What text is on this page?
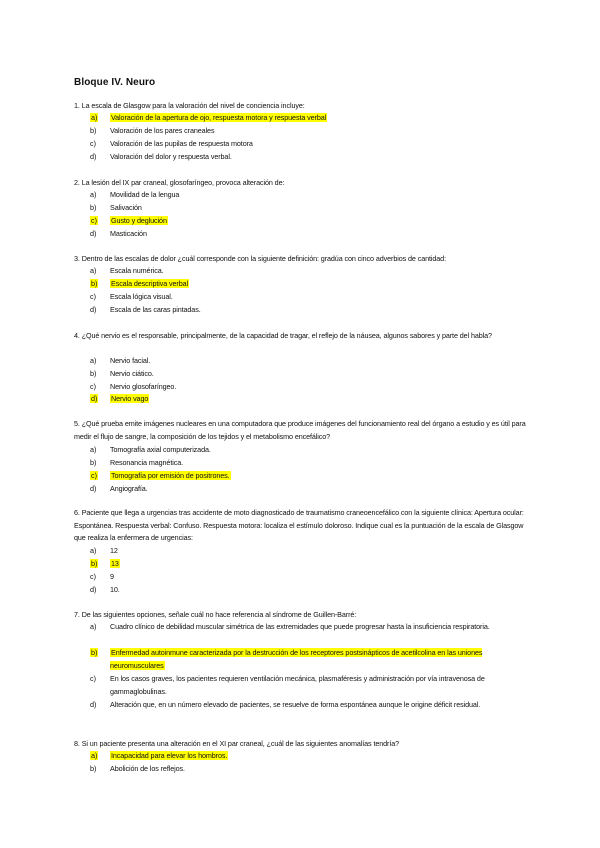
Bloque IV. Neuro
1. La escala de Glasgow para la valoración del nivel de conciencia incluye:
a) Valoración de la apertura de ojo, respuesta motora y respuesta verbal
b) Valoración de los pares craneales
c) Valoración de las pupilas de respuesta motora
d) Valoración del dolor y respuesta verbal.
2. La lesión del IX par craneal, glosofaríngeo, provoca alteración de:
a) Movilidad de la lengua
b) Salivación
c) Gusto y deglución
d) Masticación
3. Dentro de las escalas de dolor ¿cuál corresponde con la siguiente definición: gradúa con cinco adverbios de cantidad:
a) Escala numérica.
b) Escala descriptiva verbal
c) Escala lógica visual.
d) Escala de las caras pintadas.
4. ¿Qué nervio es el responsable, principalmente, de la capacidad de tragar, el reflejo de la náusea, algunos sabores y parte del habla?
a) Nervio facial.
b) Nervio ciático.
c) Nervio glosofaríngeo.
d) Nervio vago
5. ¿Qué prueba emite imágenes nucleares en una computadora que produce imágenes del funcionamiento real del órgano a estudio y es útil para medir el flujo de sangre, la composición de los tejidos y el metabolismo encefálico?
a) Tomografía axial computerizada.
b) Resonancia magnética.
c) Tomografía por emisión de positrones.
d) Angiografía.
6. Paciente que llega a urgencias tras accidente de moto diagnosticado de traumatismo craneoencefálico con la siguiente clínica: Apertura ocular: Espontánea. Respuesta verbal: Confuso. Respuesta motora: localiza el estímulo doloroso. Indique cual es la puntuación de la escala de Glasgow que realiza la enfermera de urgencias:
a) 12
b) 13
c) 9
d) 10.
7. De las siguientes opciones, señale cuál no hace referencia al síndrome de Guillen-Barré:
a) Cuadro clínico de debilidad muscular simétrica de las extremidades que puede progresar hasta la insuficiencia respiratoria.
b) Enfermedad autoinmune caracterizada por la destrucción de los receptores postsinápticos de acetilcolina en las uniones neuromusculares
c) En los casos graves, los pacientes requieren ventilación mecánica, plasmaféresis y administración por vía intravenosa de gammaglobulinas.
d) Alteración que, en un número elevado de pacientes, se resuelve de forma espontánea aunque le origine déficit residual.
8. Si un paciente presenta una alteración en el XI par craneal, ¿cuál de las siguientes anomalías tendría?
a) Incapacidad para elevar los hombros.
b) Abolición de los reflejos.
